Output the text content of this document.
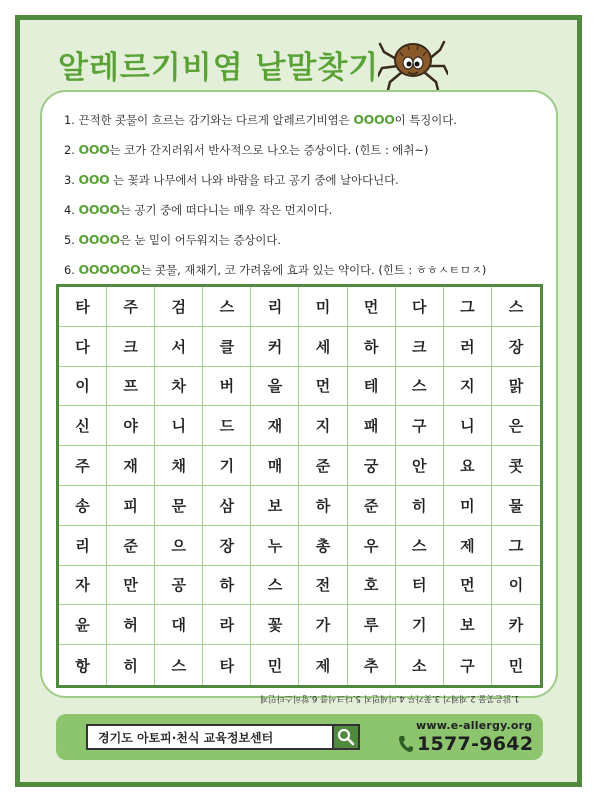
알레르기비염 낱말찾기
1. 끈적한 콧물이 흐르는 감기와는 다르게 알레르기비염은 OOOO이 특징이다.
2. OOO는 코가 간지러워서 반사적으로 나오는 증상이다. (힌트 : 에취~)
3. OOO 는 꽃과 나무에서 나와 바람을 타고 공기 중에 날아다닌다.
4. OOOO는 공기 중에 떠다니는 매우 작은 먼지이다.
5. OOOO은 눈 밑이 어두워지는 증상이다.
6. OOOOOO는 콧물, 재채기, 코 가려움에 효과 있는 약이다. (힌트 : ㅎㅎㅅㅌㅁㅈ)
타	주	검	스	리	미	먼	다	그	스
다	크	서	클	커	세	하	크	러	장
이	프	차	버	을	먼	테	스	지	맑
신	야	니	드	재	지	패	구	니	은
주	재	채	기	매	준	궁	안	요	콧
송	피	문	삼	보	하	준	히	미	물
리	준	으	장	누	총	우	스	제	그
자	만	공	하	스	전	호	터	먼	이
윤	허	대	라	꽃	가	루	기	보	카
항	히	스	타	민	제	추	소	구	민
1.맑은콧물 2.재채기 3.꽃가루 4.미세먼지 5.다크서클 6.항히스타민제
경기도 아토피·천식 교육정보센터
www.e-allergy.org
1577-9642
